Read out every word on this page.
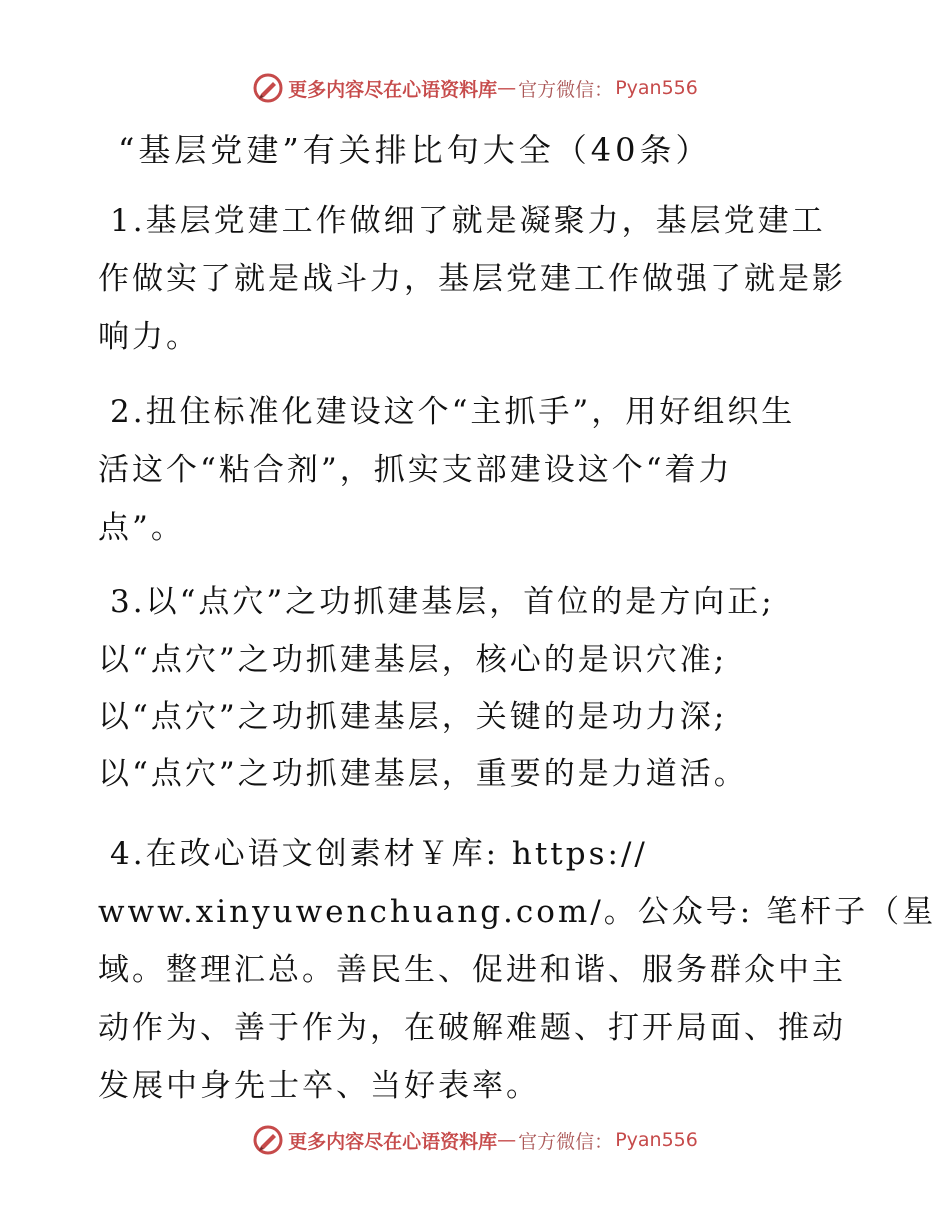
更多内容尽在心语资料库 — 官方微信： Pyan556
“基层党建”有关排比句大全（40条）
1.基层党建工作做细了就是凝聚力，基层党建工
作做实了就是战斗力，基层党建工作做强了就是影
响力。
2.扭住标准化建设这个“主抓手”，用好组织生
活这个“粘合剂”，抓实支部建设这个“着力
点”。
3.以“点穴”之功抓建基层，首位的是方向正;
以“点穴”之功抓建基层，核心的是识穴准;
以“点穴”之功抓建基层，关键的是功力深;
以“点穴”之功抓建基层，重要的是力道活。
4.在改心语文创素材￥库: https://
www.xinyuwenchuang.com/。公众号: 笔杆子（星
域。整理汇总。善民生、促进和谐、服务群众中主
动作为、善于作为，在破解难题、打开局面、推动
发展中身先士卒、当好表率。
更多内容尽在心语资料库 — 官方微信： Pyan556
